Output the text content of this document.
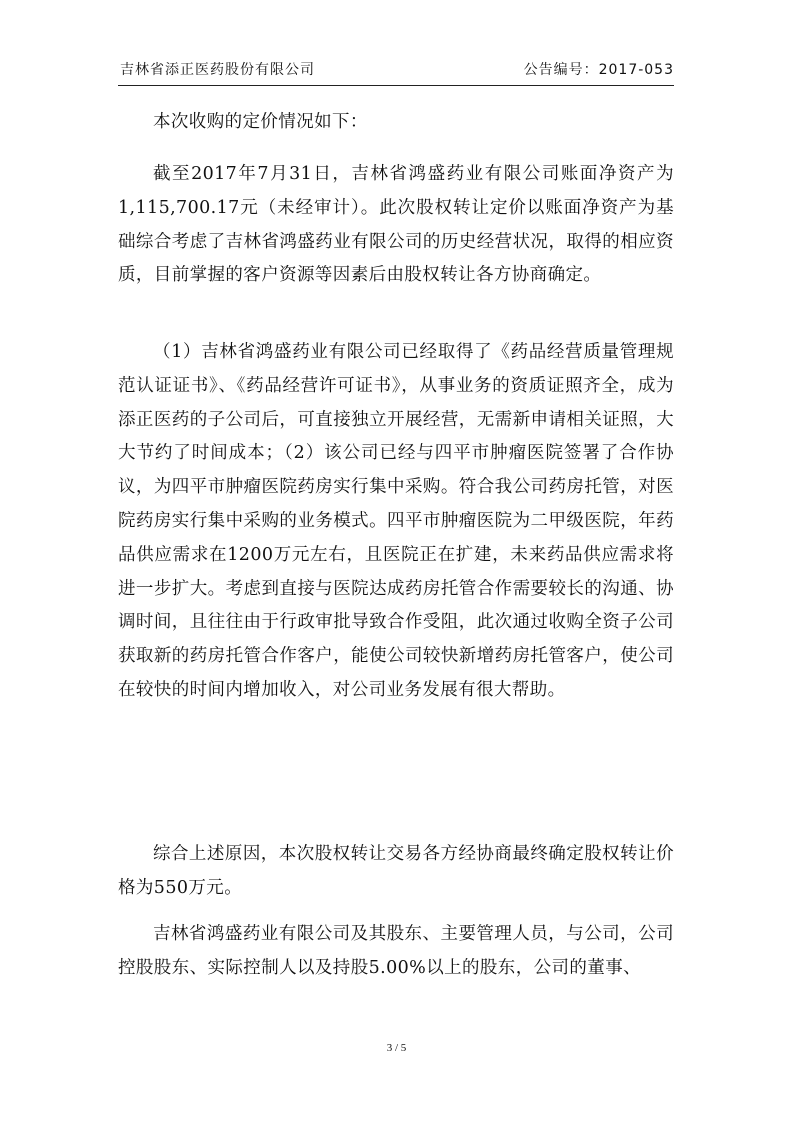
吉林省添正医药股份有限公司	公告编号：2017-053

本次收购的定价情况如下：

截至2017年7月31日，吉林省鸿盛药业有限公司账面净资产为1,115,700.17元（未经审计）。此次股权转让定价以账面净资产为基础综合考虑了吉林省鸿盛药业有限公司的历史经营状况，取得的相应资质，目前掌握的客户资源等因素后由股权转让各方协商确定。

（1）吉林省鸿盛药业有限公司已经取得了《药品经营质量管理规范认证证书》、《药品经营许可证书》，从事业务的资质证照齐全，成为添正医药的子公司后，可直接独立开展经营，无需新申请相关证照，大大节约了时间成本；（2）该公司已经与四平市肿瘤医院签署了合作协议，为四平市肿瘤医院药房实行集中采购。符合我公司药房托管，对医院药房实行集中采购的业务模式。四平市肿瘤医院为二甲级医院，年药品供应需求在1200万元左右，且医院正在扩建，未来药品供应需求将进一步扩大。考虑到直接与医院达成药房托管合作需要较长的沟通、协调时间，且往往由于行政审批导致合作受阻，此次通过收购全资子公司获取新的药房托管合作客户，能使公司较快新增药房托管客户，使公司在较快的时间内增加收入，对公司业务发展有很大帮助。

综合上述原因，本次股权转让交易各方经协商最终确定股权转让价格为550万元。

吉林省鸿盛药业有限公司及其股东、主要管理人员，与公司，公司控股股东、实际控制人以及持股5.00%以上的股东，公司的董事、

3 / 5
